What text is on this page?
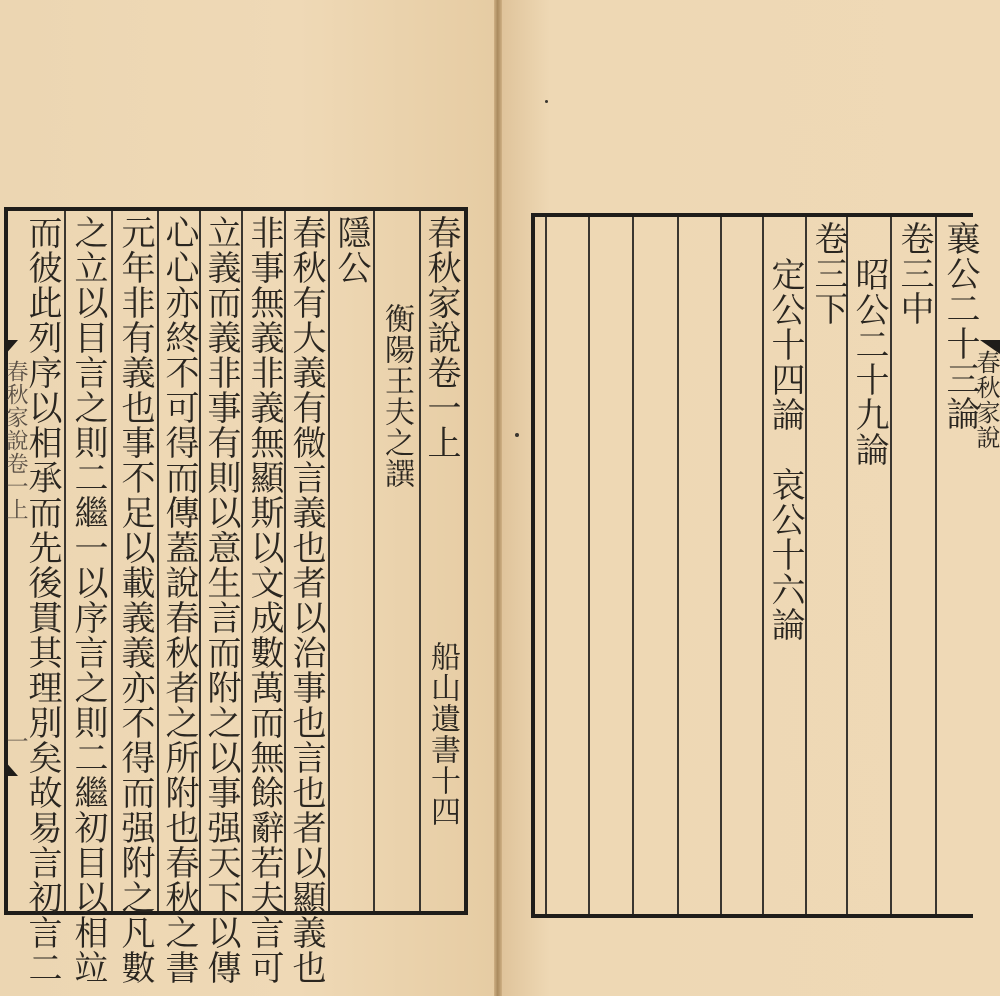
春秋家說卷一上
船山遺書十四
衡陽王夫之譔
隱公
春秋有大義有微言義也者以治事也言也者以顯義也
非事無義非義無顯斯以文成數萬而無餘辭若夫言可
立義而義非事有則以意生言而附之以事强天下以傳
心心亦終不可得而傳蓋說春秋者之所附也春秋之書
元年非有義也事不足以載義義亦不得而强附之凡數
之立以目言之則二繼一以序言之則二繼初目以相竝
而彼此列序以相承而先後貫其理別矣故易言初言二
春秋家說卷一上
一
襄公二十三論
卷三中
昭公二十九論
卷三下
定公十四論　哀公十六論	春秋家說
